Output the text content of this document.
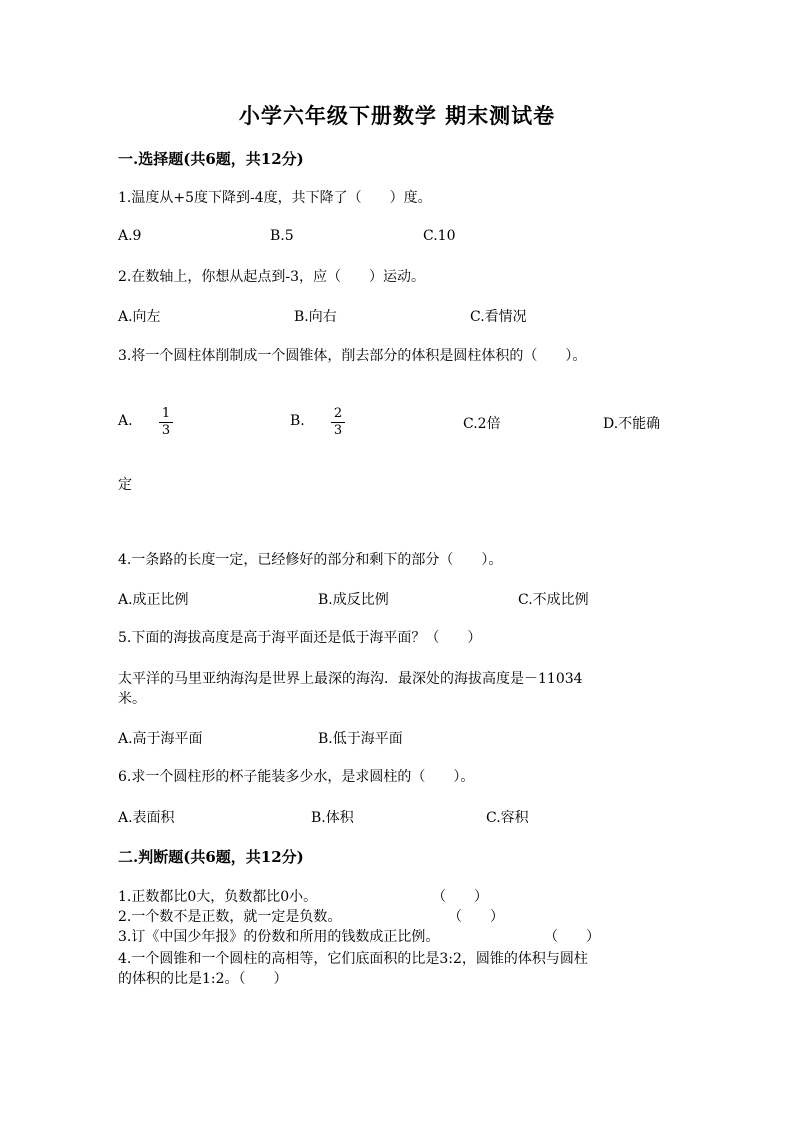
小学六年级下册数学 期末测试卷
一.选择题(共6题，共12分)
1.温度从+5度下降到-4度，共下降了（　　）度。
A.9	B.5	C.10
2.在数轴上，你想从起点到-3，应（　　）运动。
A.向左	B.向右	C.看情况
3.将一个圆柱体削制成一个圆锥体，削去部分的体积是圆柱体积的（　　）。
A. 1
3
B. 2
3	C.2倍	D.不能确
定
4.一条路的长度一定，已经修好的部分和剩下的部分（　　）。
A.成正比例	B.成反比例	C.不成比例
5.下面的海拔高度是高于海平面还是低于海平面？（　　）
太平洋的马里亚纳海沟是世界上最深的海沟．最深处的海拔高度是－11034
米。
A.高于海平面	B.低于海平面
6.求一个圆柱形的杯子能装多少水，是求圆柱的（　　）。
A.表面积	B.体积	C.容积
二.判断题(共6题，共12分)
1.正数都比0大，负数都比0小。	（　　）
2.一个数不是正数，就一定是负数。	（　　）
3.订《中国少年报》的份数和所用的钱数成正比例。	（　　）
4.一个圆锥和一个圆柱的高相等，它们底面积的比是3:2，圆锥的体积与圆柱
的体积的比是1:2。（　　）
